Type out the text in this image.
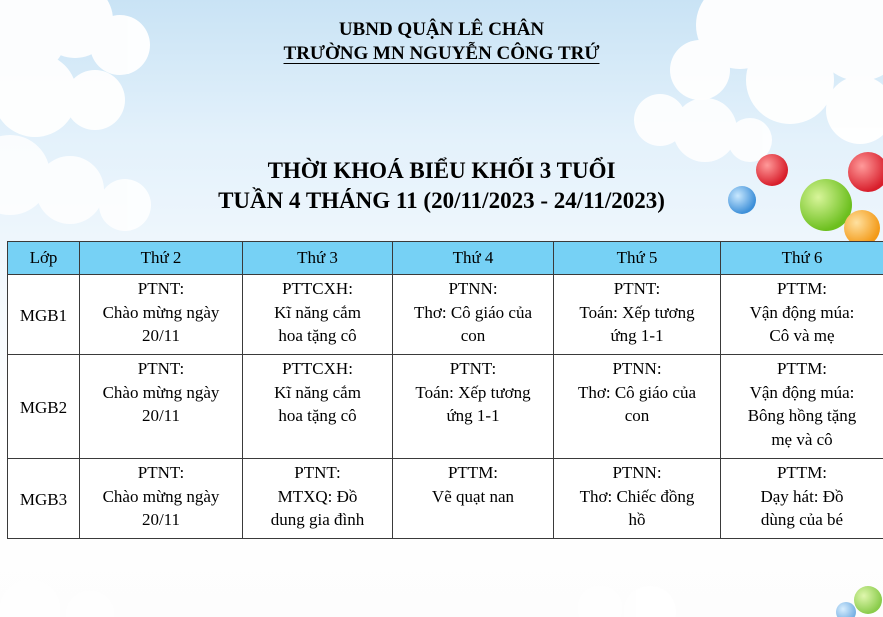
UBND QUẬN LÊ CHÂN
TRƯỜNG MN NGUYỄN CÔNG TRỨ
THỜI KHOÁ BIỂU KHỐI 3 TUỔI
TUẦN 4 THÁNG 11 (20/11/2023 - 24/11/2023)
Lớp	Thứ 2	Thứ 3	Thứ 4	Thứ 5	Thứ 6
MGB1	PTNT:
Chào mừng ngày
20/11	PTTCXH:
Kĩ năng cắm
hoa tặng cô	PTNN:
Thơ: Cô giáo của
con	PTNT:
Toán: Xếp tương
ứng 1-1	PTTM:
Vận động múa:
Cô và mẹ

MGB2	PTNT:
Chào mừng ngày
20/11	PTTCXH:
Kĩ năng cắm
hoa tặng cô	PTNT:
Toán: Xếp tương
ứng 1-1	PTNN:
Thơ: Cô giáo của
con	PTTM:
Vận động múa:
Bông hồng tặng
mẹ và cô

MGB3	PTNT:
Chào mừng ngày
20/11	PTNT:
MTXQ: Đồ
dung gia đình	PTTM:
Vẽ quạt nan	PTNN:
Thơ: Chiếc đồng
hồ	PTTM:
Dạy hát: Đồ
dùng của bé
